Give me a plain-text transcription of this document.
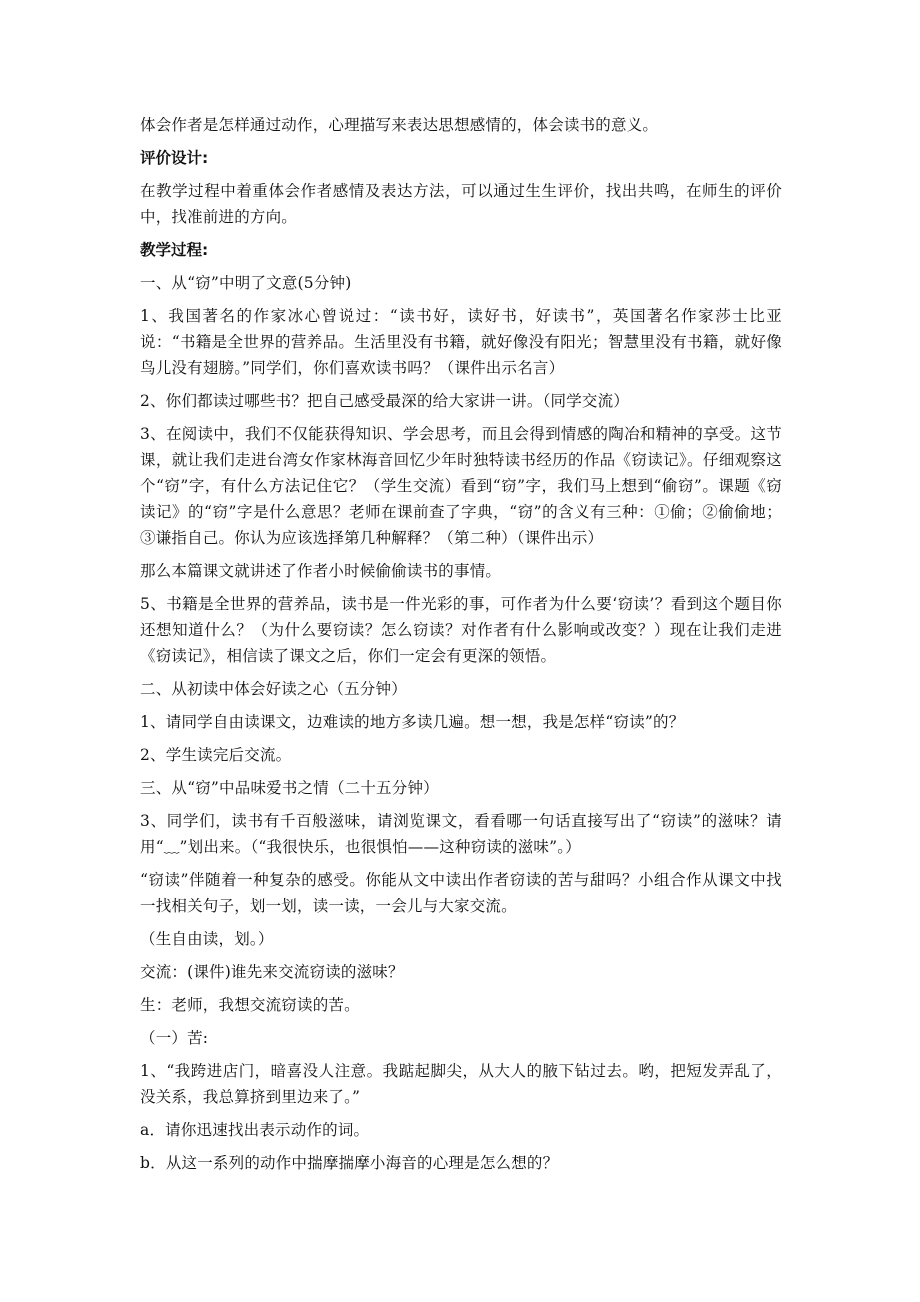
体会作者是怎样通过动作，心理描写来表达思想感情的，体会读书的意义。

评价设计:

在教学过程中着重体会作者感情及表达方法，可以通过生生评价，找出共鸣，在师生的评价中，找准前进的方向。

教学过程:

一、从“窃”中明了文意(5分钟)

1、我国著名的作家冰心曾说过：“读书好，读好书，好读书”，英国著名作家莎士比亚说：“书籍是全世界的营养品。生活里没有书籍，就好像没有阳光；智慧里没有书籍，就好像鸟儿没有翅膀。”同学们，你们喜欢读书吗？（课件出示名言）

2、你们都读过哪些书？把自己感受最深的给大家讲一讲。（同学交流）

3、在阅读中，我们不仅能获得知识、学会思考，而且会得到情感的陶冶和精神的享受。这节课，就让我们走进台湾女作家林海音回忆少年时独特读书经历的作品《窃读记》。仔细观察这个“窃”字，有什么方法记住它？（学生交流）看到“窃”字，我们马上想到“偷窃”。课题《窃读记》的“窃”字是什么意思？老师在课前查了字典，“窃”的含义有三种：①偷；②偷偷地；③谦指自己。你认为应该选择第几种解释？（第二种）（课件出示）

那么本篇课文就讲述了作者小时候偷偷读书的事情。

5、书籍是全世界的营养品，读书是一件光彩的事，可作者为什么要‘窃读’？看到这个题目你还想知道什么？（为什么要窃读？怎么窃读？对作者有什么影响或改变？）现在让我们走进《窃读记》，相信读了课文之后，你们一定会有更深的领悟。

二、从初读中体会好读之心（五分钟）

1、请同学自由读课文，边难读的地方多读几遍。想一想，我是怎样“窃读”的？

2、学生读完后交流。

三、从“窃”中品味爱书之情（二十五分钟）

3、同学们，读书有千百般滋味，请浏览课文，看看哪一句话直接写出了“窃读”的滋味？请用“﹏”划出来。（“我很快乐，也很惧怕——这种窃读的滋味”。）

“窃读”伴随着一种复杂的感受。你能从文中读出作者窃读的苦与甜吗？小组合作从课文中找一找相关句子，划一划，读一读，一会儿与大家交流。

（生自由读，划。）

交流：(课件)谁先来交流窃读的滋味？

生：老师，我想交流窃读的苦。

（一）苦:

1、“我跨进店门，暗喜没人注意。我踮起脚尖，从大人的腋下钻过去。哟，把短发弄乱了，没关系，我总算挤到里边来了。”

a．请你迅速找出表示动作的词。

b．从这一系列的动作中揣摩揣摩小海音的心理是怎么想的？
